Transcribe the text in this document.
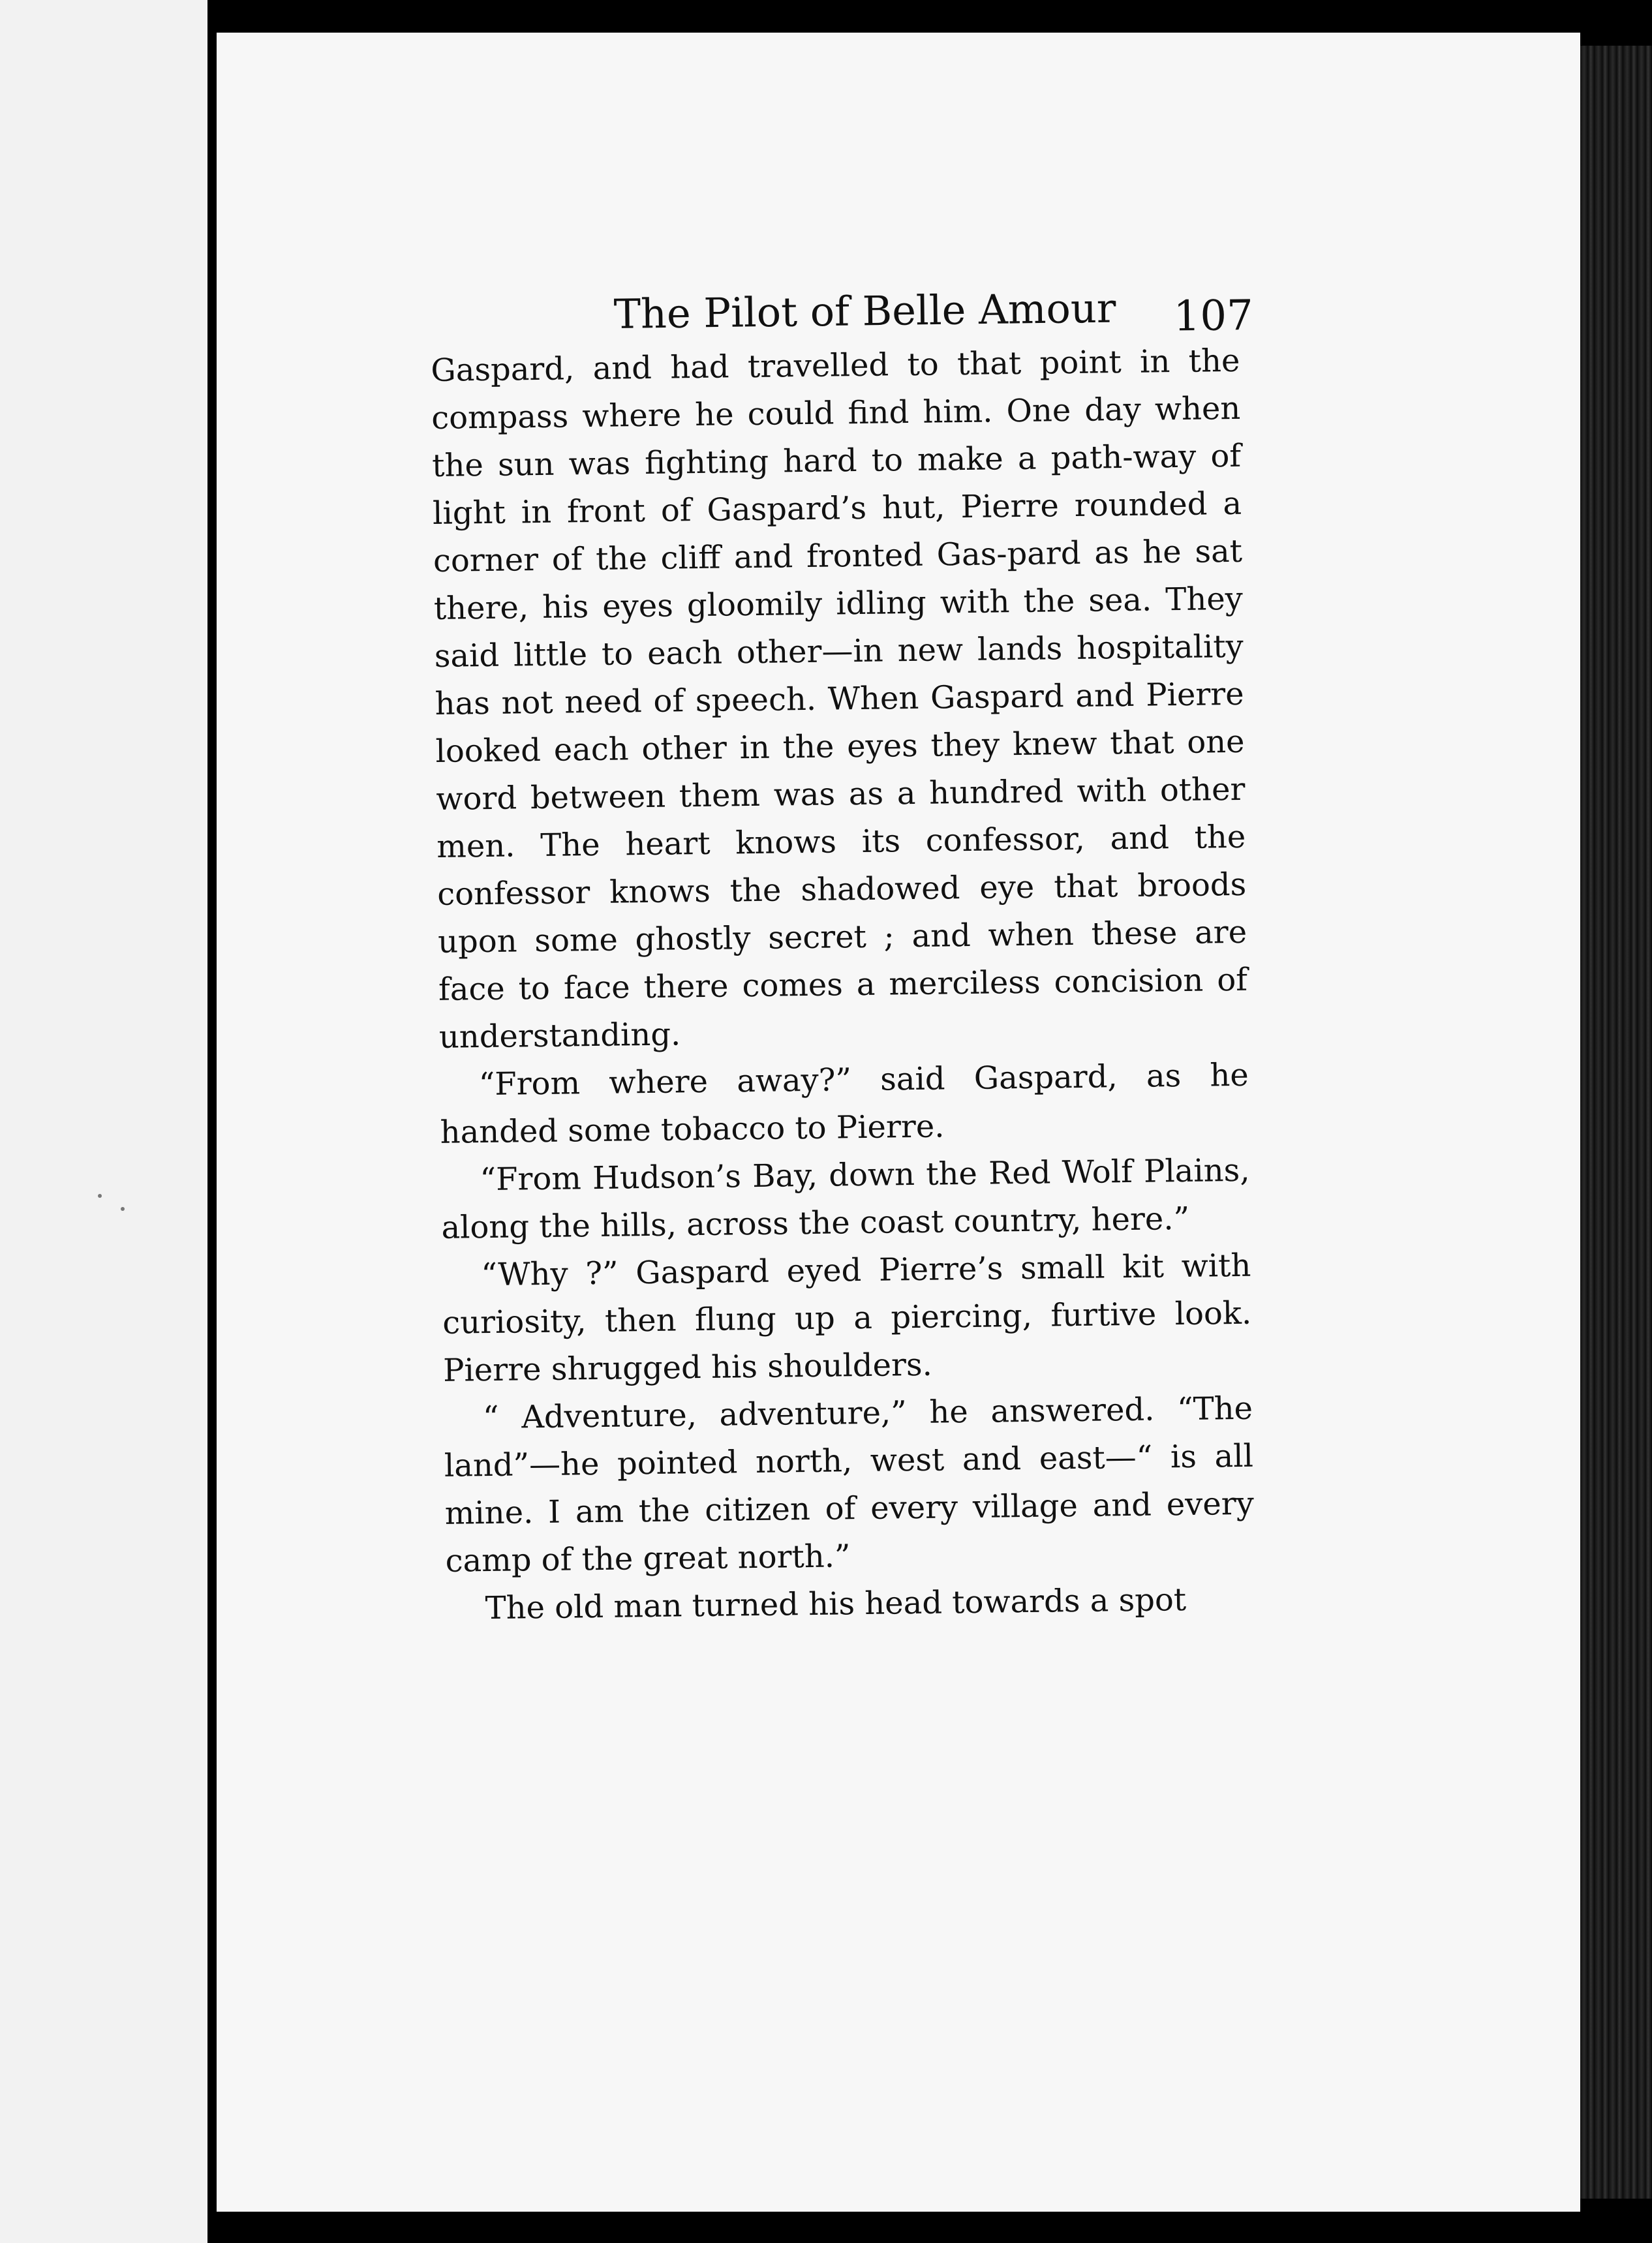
The Pilot of Belle Amour 107

Gaspard, and had travelled to that point in the compass where he could find him. One day when the sun was fighting hard to make a path-way of light in front of Gaspard’s hut, Pierre rounded a corner of the cliff and fronted Gas-pard as he sat there, his eyes gloomily idling with the sea. They said little to each other—in new lands hospitality has not need of speech. When Gaspard and Pierre looked each other in the eyes they knew that one word between them was as a hundred with other men. The heart knows its confessor, and the confessor knows the shadowed eye that broods upon some ghostly secret ; and when these are face to face there comes a merciless concision of understanding.

“From where away?” said Gaspard, as he handed some tobacco to Pierre.

“From Hudson’s Bay, down the Red Wolf Plains, along the hills, across the coast country, here.”

“Why ?” Gaspard eyed Pierre’s small kit with curiosity, then flung up a piercing, furtive look. Pierre shrugged his shoulders.

“ Adventure, adventure,” he answered. “The land”—he pointed north, west and east—“ is all mine. I am the citizen of every village and every camp of the great north.”

The old man turned his head towards a spot
